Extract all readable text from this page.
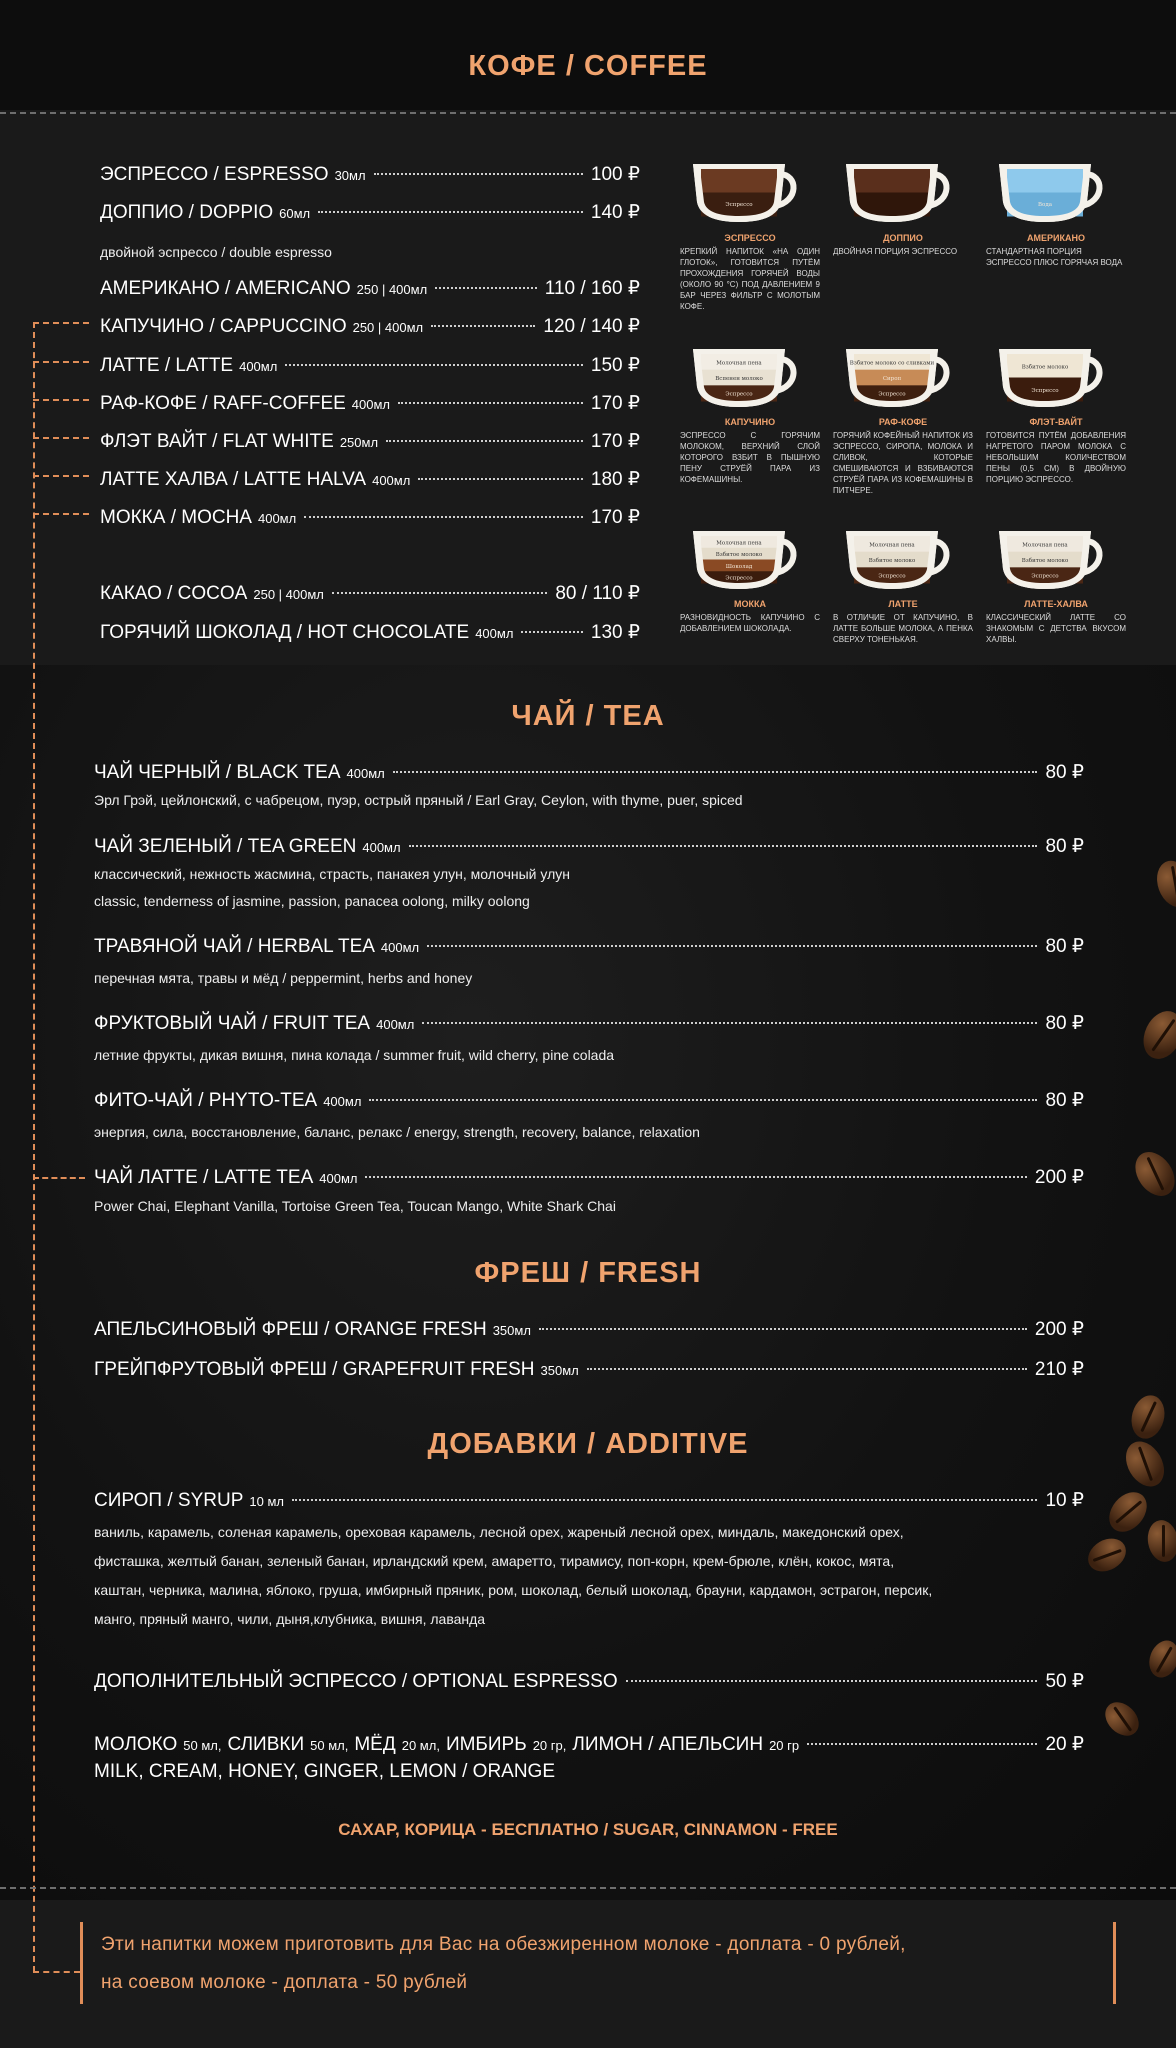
КОФЕ / COFFEE
ЭСПРЕССО / ESPRESSO 30мл	100 ₽
ДОППИО / DOPPIO 60мл	140 ₽
двойной эспрессо / double espresso
АМЕРИКАНО / AMERICANO 250 | 400мл	110 / 160 ₽
КАПУЧИНО / CAPPUCCINO 250 | 400мл	120 / 140 ₽
ЛАТТЕ / LATTE 400мл	150 ₽
РАФ-КОФЕ / RAFF-COFFEE 400мл	170 ₽
ФЛЭТ ВАЙТ / FLAT WHITE 250мл	170 ₽
ЛАТТЕ ХАЛВА / LATTE HALVA 400мл	180 ₽
МОККА / MOCHA 400мл	170 ₽
КАКАО / COCOA 250 | 400мл	80 / 110 ₽
ГОРЯЧИЙ ШОКОЛАД / HOT CHOCOLATE 400мл	130 ₽
Эспрессо
ЭСПРЕССО
КРЕПКИЙ НАПИТОК «НА ОДИН ГЛОТОК», ГОТОВИТСЯ ПУТЁМ ПРОХОЖДЕНИЯ ГОРЯЧЕЙ ВОДЫ (ОКОЛО 90 °С) ПОД ДАВЛЕНИЕМ 9 БАР ЧЕРЕЗ ФИЛЬТР С МОЛОТЫМ КОФЕ.
ДОППИО
ДВОЙНАЯ ПОРЦИЯ ЭСПРЕССО
Вода
АМЕРИКАНО
СТАНДАРТНАЯ ПОРЦИЯ ЭСПРЕССО ПЛЮС ГОРЯЧАЯ ВОДА
Молочная пена
Вспенен молоко
Эспрессо
КАПУЧИНО
ЭСПРЕССО С ГОРЯЧИМ МОЛОКОМ, ВЕРХНИЙ СЛОЙ КОТОРОГО ВЗБИТ В ПЫШНУЮ ПЕНУ СТРУЁЙ ПАРА ИЗ КОФЕМАШИНЫ.
Взбитое молоко со сливками
Сироп
Эспрессо
РАФ-КОФЕ
ГОРЯЧИЙ КОФЕЙНЫЙ НАПИТОК ИЗ ЭСПРЕССО, СИРОПА, МОЛОКА И СЛИВОК, КОТОРЫЕ СМЕШИВАЮТСЯ И ВЗБИВАЮТСЯ СТРУЁЙ ПАРА ИЗ КОФЕМАШИНЫ В ПИТЧЕРЕ.
Взбитое молоко
Эспрессо
ФЛЭТ-ВАЙТ
ГОТОВИТСЯ ПУТЁМ ДОБАВЛЕНИЯ НАГРЕТОГО ПАРОМ МОЛОКА С НЕБОЛЬШИМ КОЛИЧЕСТВОМ ПЕНЫ (0,5 СМ) В ДВОЙНУЮ ПОРЦИЮ ЭСПРЕССО.
Молочная пена
Взбитое молоко
Шоколад
Эспрессо
МОККА
РАЗНОВИДНОСТЬ КАПУЧИНО С ДОБАВЛЕНИЕМ ШОКОЛАДА.
Молочная пена
Взбитое молоко
Эспрессо
ЛАТТЕ
В ОТЛИЧИЕ ОТ КАПУЧИНО, В ЛАТТЕ БОЛЬШЕ МОЛОКА, А ПЕНКА СВЕРХУ ТОНЕНЬКАЯ.
Молочная пена
Взбитое молоко
Эспрессо
ЛАТТЕ-ХАЛВА
КЛАССИЧЕСКИЙ ЛАТТЕ СО ЗНАКОМЫМ С ДЕТСТВА ВКУСОМ ХАЛВЫ.
ЧАЙ / TEA
ЧАЙ ЧЕРНЫЙ / BLACK TEA 400мл	80 ₽
Эрл Грэй, цейлонский, с чабрецом, пуэр, острый пряный / Earl Gray, Ceylon, with thyme, puer, spiced
ЧАЙ ЗЕЛЕНЫЙ / TEA GREEN 400мл	80 ₽
классический, нежность жасмина, страсть, панакея улун, молочный улун
classic, tenderness of jasmine, passion, panacea oolong, milky oolong
ТРАВЯНОЙ ЧАЙ / HERBAL TEA 400мл	80 ₽
перечная мята, травы и мёд / peppermint, herbs and honey
ФРУКТОВЫЙ ЧАЙ / FRUIT TEA 400мл	80 ₽
летние фрукты, дикая вишня, пина колада / summer fruit, wild cherry, pine colada
ФИТО-ЧАЙ / PHYTO-TEA 400мл	80 ₽
энергия, сила, восстановление, баланс, релакс / energy, strength, recovery, balance, relaxation
ЧАЙ ЛАТТЕ / LATTE TEA 400мл	200 ₽
Power Chai, Elephant Vanilla, Tortoise Green Tea, Toucan Mango, White Shark Chai
ФРЕШ / FRESH
АПЕЛЬСИНОВЫЙ ФРЕШ / ORANGE FRESH 350мл	200 ₽
ГРЕЙПФРУТОВЫЙ ФРЕШ / GRAPEFRUIT FRESH 350мл	210 ₽
ДОБАВКИ / ADDITIVE
СИРОП / SYRUP 10 мл	10 ₽
ваниль, карамель, соленая карамель, ореховая карамель, лесной орех, жареный лесной орех, миндаль, македонский орех,
фисташка, желтый банан, зеленый банан, ирландский крем, амаретто, тирамису, поп-корн, крем-брюле, клён, кокос, мята,
каштан, черника, малина, яблоко, груша, имбирный пряник, ром, шоколад, белый шоколад, брауни, кардамон, эстрагон, персик,
манго, пряный манго, чили, дыня,клубника, вишня, лаванда
ДОПОЛНИТЕЛЬНЫЙ ЭСПРЕССО / OPTIONAL ESPRESSO	50 ₽
МОЛОКО 50 мл, СЛИВКИ 50 мл, МЁД 20 мл, ИМБИРЬ 20 гр, ЛИМОН / АПЕЛЬСИН 20 гр	20 ₽
MILK, CREAM, HONEY, GINGER, LEMON / ORANGE
САХАР, КОРИЦА - БЕСПЛАТНО / SUGAR, CINNAMON - FREE
Эти напитки можем приготовить для Вас на обезжиренном молоке - доплата - 0 рублей,
на соевом молоке - доплата - 50 рублей
